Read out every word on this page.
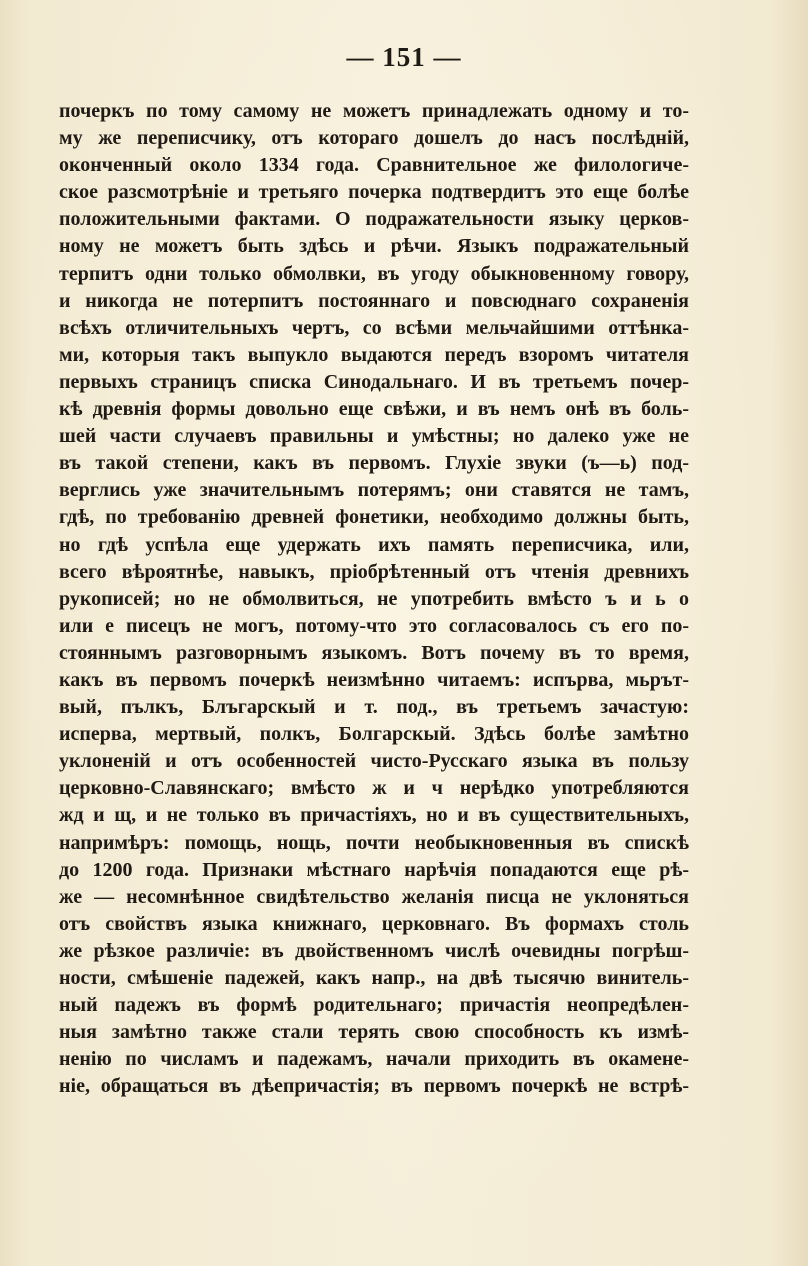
— 151 —
почеркъ по тому самому не можетъ принадлежать одному и то-
му же переписчику, отъ котораго дошелъ до насъ послѣднiй,
оконченный около 1334 года. Сравнительное же филологиче-
ское разсмотрѣнiе и третьяго почерка подтвердитъ это еще болѣе
положительными фактами. О подражательности языку церков-
ному не можетъ быть здѣсь и рѣчи. Языкъ подражательный
терпитъ одни только обмолвки, въ угоду обыкновенному говору,
и никогда не потерпитъ постояннаго и повсюднаго сохраненiя
всѣхъ отличительныхъ чертъ, со всѣми мельчайшими оттѣнка-
ми, которыя такъ выпукло выдаются передъ взоромъ читателя
первыхъ страницъ списка Синодальнаго. И въ третьемъ почер-
кѣ древнiя формы довольно еще свѣжи, и въ немъ онѣ въ боль-
шей части случаевъ правильны и умѣстны; но далеко уже не
въ такой степени, какъ въ первомъ. Глухiе звуки (ъ—ь) под-
верглись уже значительнымъ потерямъ; они ставятся не тамъ,
гдѣ, по требованiю древней фонетики, необходимо должны быть,
но гдѣ успѣла еще удержать ихъ память переписчика, или,
всего вѣроятнѣе, навыкъ, прiобрѣтенный отъ чтенiя древнихъ
рукописей; но не обмолвиться, не употребить вмѣсто ъ и ь о
или е писецъ не могъ, потому-что это согласовалось съ его по-
стояннымъ разговорнымъ языкомъ. Вотъ почему въ то время,
какъ въ первомъ почеркѣ неизмѣнно читаемъ: испърва, мьрът-
вый, пълкъ, Блъгарскый и т. под., въ третьемъ зачастую:
исперва, мертвый, полкъ, Болгарскый. Здѣсь болѣе замѣтно
уклоненiй и отъ особенностей чисто-Русскаго языка въ пользу
церковно-Славянскаго; вмѣсто ж и ч нерѣдко употребляются
жд и щ, и не только въ причастiяхъ, но и въ существительныхъ,
напримѣръ: помощь, нощь, почти необыкновенныя въ спискѣ
до 1200 года. Признаки мѣстнаго нарѣчiя попадаются еще рѣ-
же — несомнѣнное свидѣтельство желанiя писца не уклоняться
отъ свойствъ языка книжнаго, церковнаго. Въ формахъ столь
же рѣзкое различiе: въ двойственномъ числѣ очевидны погрѣш-
ности, смѣшенiе падежей, какъ напр., на двѣ тысячю винитель-
ный падежъ въ формѣ родительнаго; причастiя неопредѣлен-
ныя замѣтно также стали терять свою способность къ измѣ-
ненiю по числамъ и падежамъ, начали приходить въ окамене-
нiе, обращаться въ дѣепричастiя; въ первомъ почеркѣ не встрѣ-
